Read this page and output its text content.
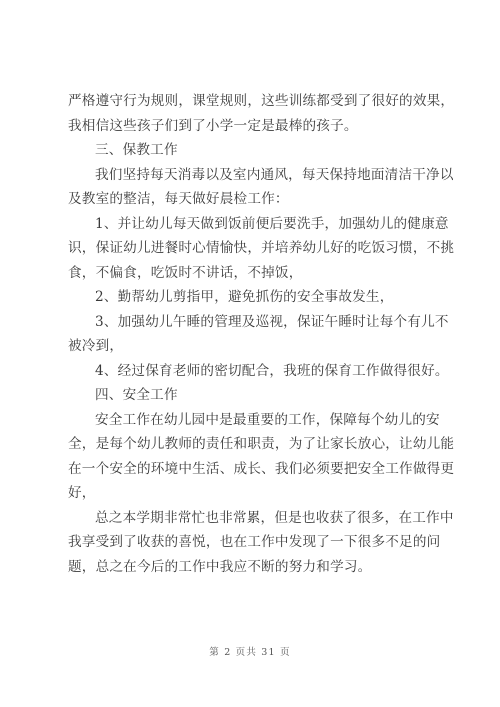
严格遵守行为规则，课堂规则，这些训练都受到了很好的效果，
我相信这些孩子们到了小学一定是最棒的孩子。
三、保教工作
我们坚持每天消毒以及室内通风，每天保持地面清洁干净以
及教室的整洁，每天做好晨检工作：
1、并让幼儿每天做到饭前便后要洗手，加强幼儿的健康意
识，保证幼儿进餐时心情愉快，并培养幼儿好的吃饭习惯，不挑
食，不偏食，吃饭时不讲话，不掉饭，
2、勤帮幼儿剪指甲，避免抓伤的安全事故发生，
3、加强幼儿午睡的管理及巡视，保证午睡时让每个有儿不
被冷到，
4、经过保育老师的密切配合，我班的保育工作做得很好。
四、安全工作
安全工作在幼儿园中是最重要的工作，保障每个幼儿的安
全，是每个幼儿教师的责任和职责，为了让家长放心，让幼儿能
在一个安全的环境中生活、成长、我们必须要把安全工作做得更
好，
总之本学期非常忙也非常累，但是也收获了很多，在工作中
我享受到了收获的喜悦，也在工作中发现了一下很多不足的问
题，总之在今后的工作中我应不断的努力和学习。
第 2 页共 31 页
